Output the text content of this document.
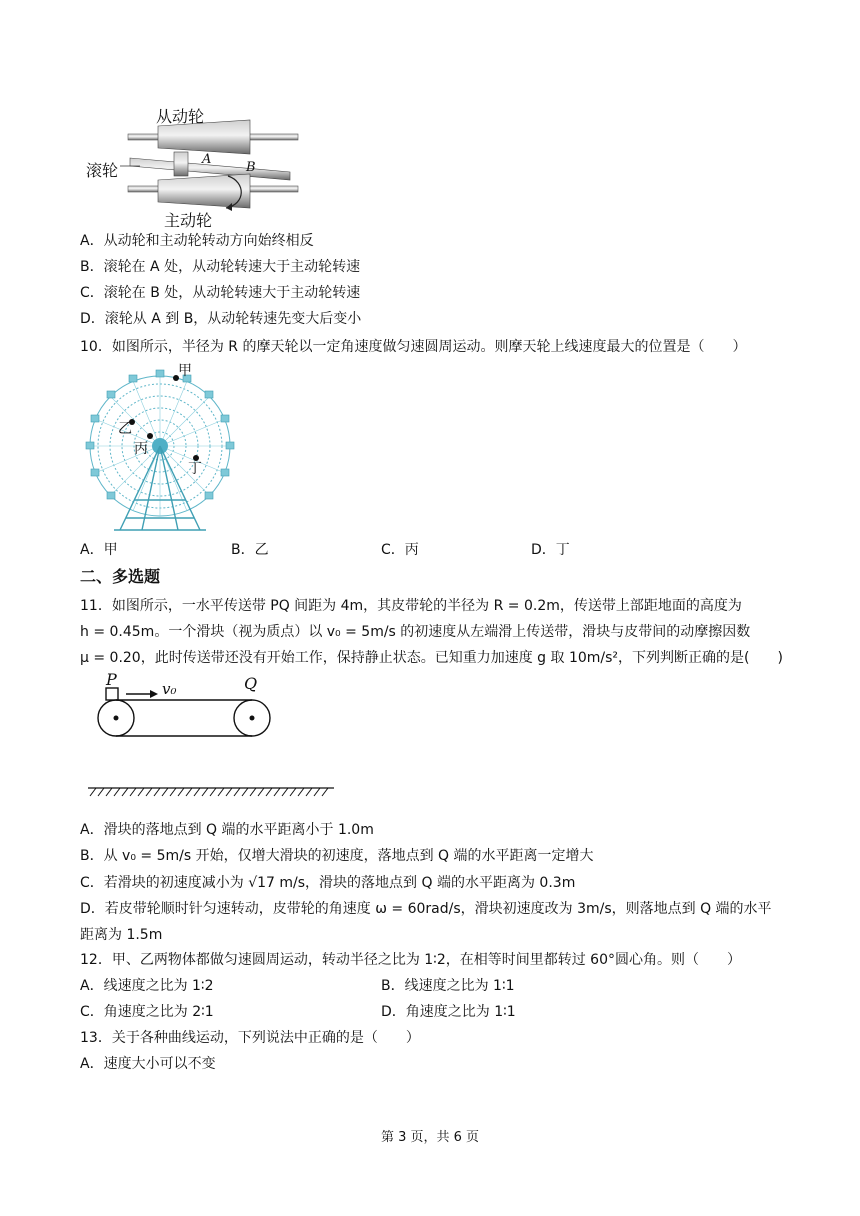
从动轮
滚轮
主动轮
A
B
A．从动轮和主动轮转动方向始终相反
B．滚轮在 A 处，从动轮转速大于主动轮转速
C．滚轮在 B 处，从动轮转速大于主动轮转速
D．滚轮从 A 到 B，从动轮转速先变大后变小
10．如图所示，半径为 R 的摩天轮以一定角速度做匀速圆周运动。则摩天轮上线速度最大的位置是（　　）
甲
乙
丙
丁
A．甲	B．乙	C．丙	D．丁
二、多选题
11．如图所示，一水平传送带 PQ 间距为 4m，其皮带轮的半径为 R = 0.2m，传送带上部距地面的高度为
h = 0.45m。一个滑块（视为质点）以 v₀ = 5m/s 的初速度从左端滑上传送带，滑块与皮带间的动摩擦因数
μ = 0.20，此时传送带还没有开始工作，保持静止状态。已知重力加速度 g 取 10m/s²，下列判断正确的是(　　)
P	v₀	Q
A．滑块的落地点到 Q 端的水平距离小于 1.0m
B．从 v₀ = 5m/s 开始，仅增大滑块的初速度，落地点到 Q 端的水平距离一定增大
C．若滑块的初速度减小为 √17 m/s，滑块的落地点到 Q 端的水平距离为 0.3m
D．若皮带轮顺时针匀速转动，皮带轮的角速度 ω = 60rad/s，滑块初速度改为 3m/s，则落地点到 Q 端的水平
距离为 1.5m
12．甲、乙两物体都做匀速圆周运动，转动半径之比为 1∶2，在相等时间里都转过 60°圆心角。则（　　）
A．线速度之比为 1∶2	B．线速度之比为 1∶1
C．角速度之比为 2∶1	D．角速度之比为 1∶1
13．关于各种曲线运动，下列说法中正确的是（　　）
A．速度大小可以不变
第 3 页，共 6 页
